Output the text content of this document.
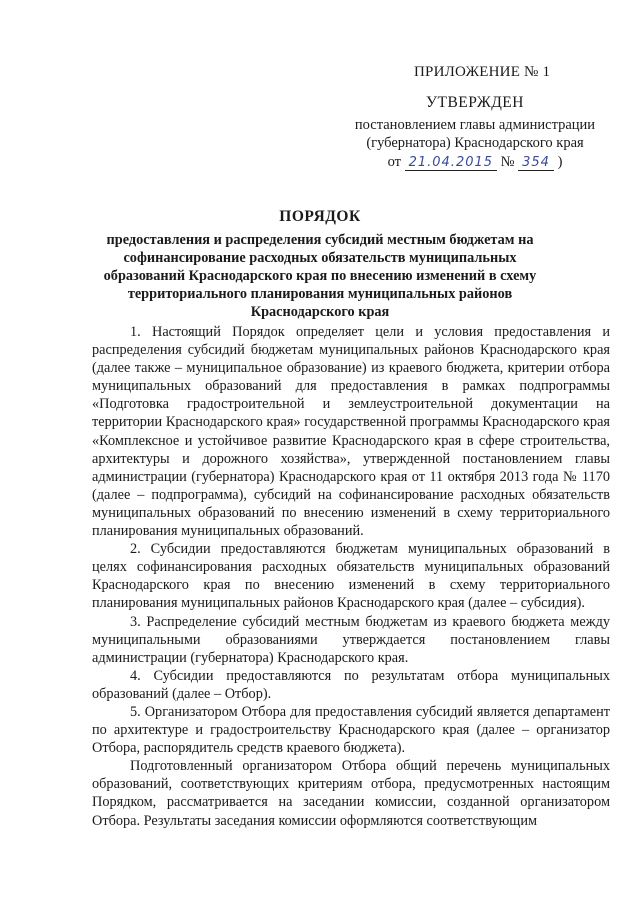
ПРИЛОЖЕНИЕ № 1
УТВЕРЖДЕН
постановлением главы администрации
(губернатора) Краснодарского края
от 21.04.2015 № 354 )
ПОРЯДОК
предоставления и распределения субсидий местным бюджетам на софинансирование расходных обязательств муниципальных образований Краснодарского края по внесению изменений в схему территориального планирования муниципальных районов Краснодарского края

1. Настоящий Порядок определяет цели и условия предоставления и распределения субсидий бюджетам муниципальных районов Краснодарского края (далее также – муниципальное образование) из краевого бюджета, критерии отбора муниципальных образований для предоставления в рамках подпрограммы «Подготовка градостроительной и землеустроительной документации на территории Краснодарского края» государственной программы Краснодарского края «Комплексное и устойчивое развитие Краснодарского края в сфере строительства, архитектуры и дорожного хозяйства», утвержденной постановлением главы администрации (губернатора) Краснодарского края от 11 октября 2013 года № 1170 (далее – подпрограмма), субсидий на софинансирование расходных обязательств муниципальных образований по внесению изменений в схему территориального планирования муниципальных образований.

2. Субсидии предоставляются бюджетам муниципальных образований в целях софинансирования расходных обязательств муниципальных образований Краснодарского края по внесению изменений в схему территориального планирования муниципальных районов Краснодарского края (далее – субсидия).

3. Распределение субсидий местным бюджетам из краевого бюджета между муниципальными образованиями утверждается постановлением главы администрации (губернатора) Краснодарского края.

4. Субсидии предоставляются по результатам отбора муниципальных образований (далее – Отбор).

5. Организатором Отбора для предоставления субсидий является департамент по архитектуре и градостроительству Краснодарского края (далее – организатор Отбора, распорядитель средств краевого бюджета).

Подготовленный организатором Отбора общий перечень муниципальных образований, соответствующих критериям отбора, предусмотренных настоящим Порядком, рассматривается на заседании комиссии, созданной организатором Отбора. Результаты заседания комиссии оформляются соответствующим
